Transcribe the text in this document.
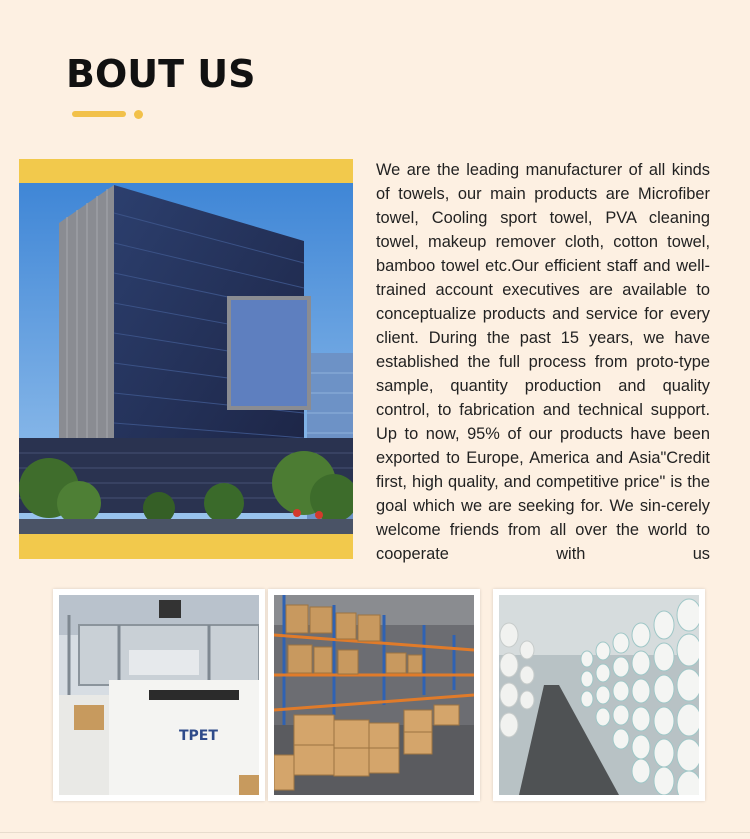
BOUT US

We are the leading manufacturer of all kinds of towels, our main products are Microfiber towel, Cooling sport towel, PVA cleaning towel, makeup remover cloth, cotton towel, bamboo towel etc.Our efficient staff and well-trained account executives are available to conceptualize products and service for every client. During the past 15 years, we have established the full process from proto-type sample, quantity production and quality control, to fabrication and technical support. Up to now, 95% of our products have been exported to Europe, America and Asia"Credit first, high quality, and competitive price" is the goal which we are seeking for. We sin-cerely welcome friends from all over the world to cooperate with us

TPET
